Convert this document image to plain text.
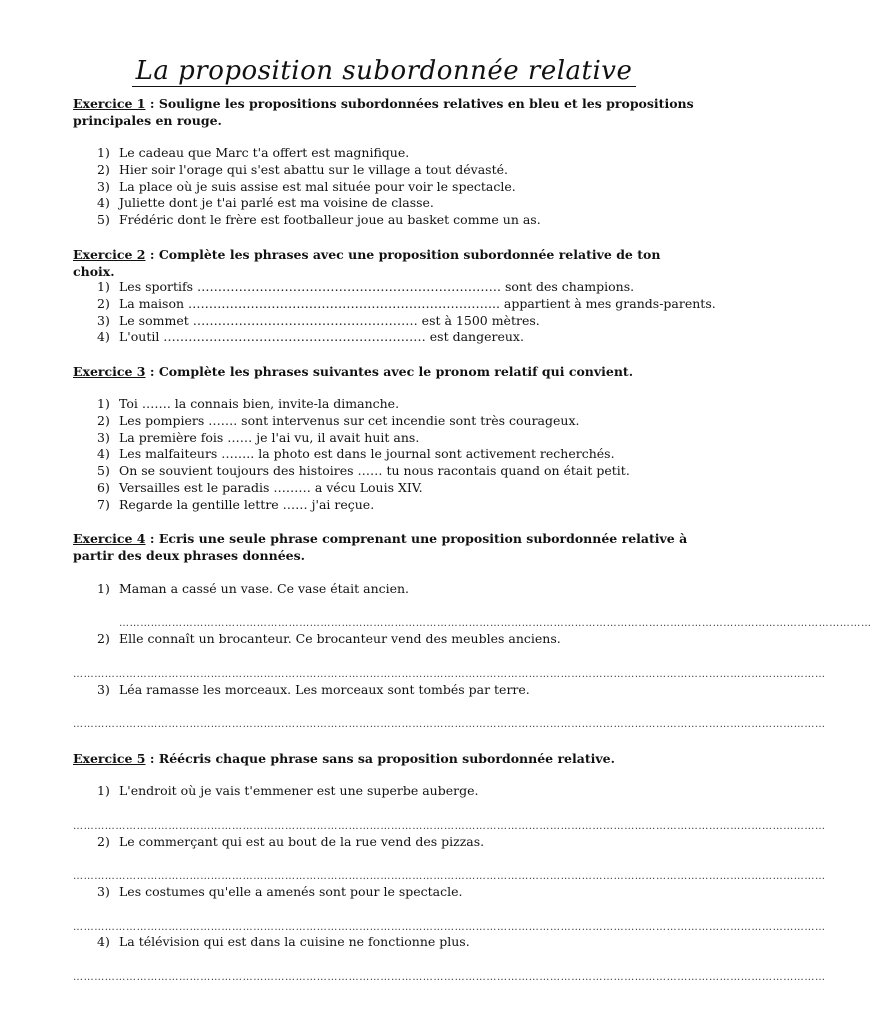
La proposition subordonnée relative
Exercice 1 : Souligne les propositions subordonnées relatives en bleu et les propositions principales en rouge.
1) Le cadeau que Marc t'a offert est magnifique.
2) Hier soir l'orage qui s'est abattu sur le village a tout dévasté.
3) La place où je suis assise est mal située pour voir le spectacle.
4) Juliette dont je t'ai parlé est ma voisine de classe.
5) Frédéric dont le frère est footballeur joue au basket comme un as.
Exercice 2 : Complète les phrases avec une proposition subordonnée relative de ton choix.
1) Les sportifs ………………………………………………………………. sont des champions.
2) La maison ………………………………………………………………... appartient à mes grands-parents.
3) Le sommet ……………………………………………… est à 1500 mètres.
4) L'outil ……………………………………………………… est dangereux.
Exercice 3 : Complète les phrases suivantes avec le pronom relatif qui convient.
1) Toi ……. la connais bien, invite-la dimanche.
2) Les pompiers ……. sont intervenus sur cet incendie sont très courageux.
3) La première fois …… je l'ai vu, il avait huit ans.
4) Les malfaiteurs …….. la photo est dans le journal sont activement recherchés.
5) On se souvient toujours des histoires …… tu nous racontais quand on était petit.
6) Versailles est le paradis ……… a vécu Louis XIV.
7) Regarde la gentille lettre …… j'ai reçue.
Exercice 4 : Ecris une seule phrase comprenant une proposition subordonnée relative à partir des deux phrases données.
1) Maman a cassé un vase. Ce vase était ancien.
……………………………………………………………………………………………………………………………………………………………………………………………
2) Elle connaît un brocanteur. Ce brocanteur vend des meubles anciens.
……………………………………………………………………………………………………………………………………………………………………………………………
3) Léa ramasse les morceaux. Les morceaux sont tombés par terre.
……………………………………………………………………………………………………………………………………………………………………………………………
Exercice 5 : Réécris chaque phrase sans sa proposition subordonnée relative.
1) L'endroit où je vais t'emmener est une superbe auberge.
……………………………………………………………………………………………………………………………………………………………………………………………
2) Le commerçant qui est au bout de la rue vend des pizzas.
……………………………………………………………………………………………………………………………………………………………………………………………
3) Les costumes qu'elle a amenés sont pour le spectacle.
……………………………………………………………………………………………………………………………………………………………………………………………
4) La télévision qui est dans la cuisine ne fonctionne plus.
……………………………………………………………………………………………………………………………………………………………………………………………
